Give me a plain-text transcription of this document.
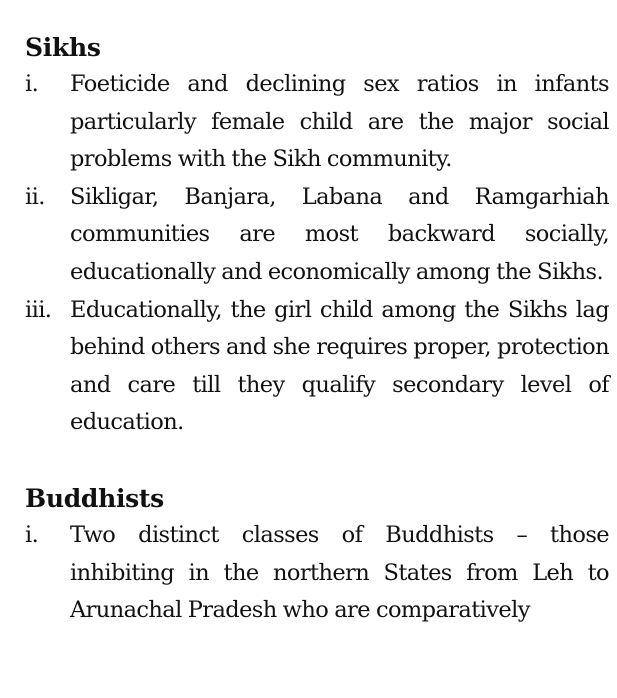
Sikhs
i.	Foeticide and declining sex ratios in infants particularly female child are the major social problems with the Sikh community.
ii.	Sikligar, Banjara, Labana and Ramgarhiah communities are most backward socially, educationally and economically among the Sikhs.
iii. Educationally, the girl child among the Sikhs lag behind others and she requires proper, protection and care till they qualify secondary level of education.
Buddhists
i.	Two distinct classes of Buddhists – those inhibiting in the northern States from Leh to Arunachal Pradesh who are comparatively
